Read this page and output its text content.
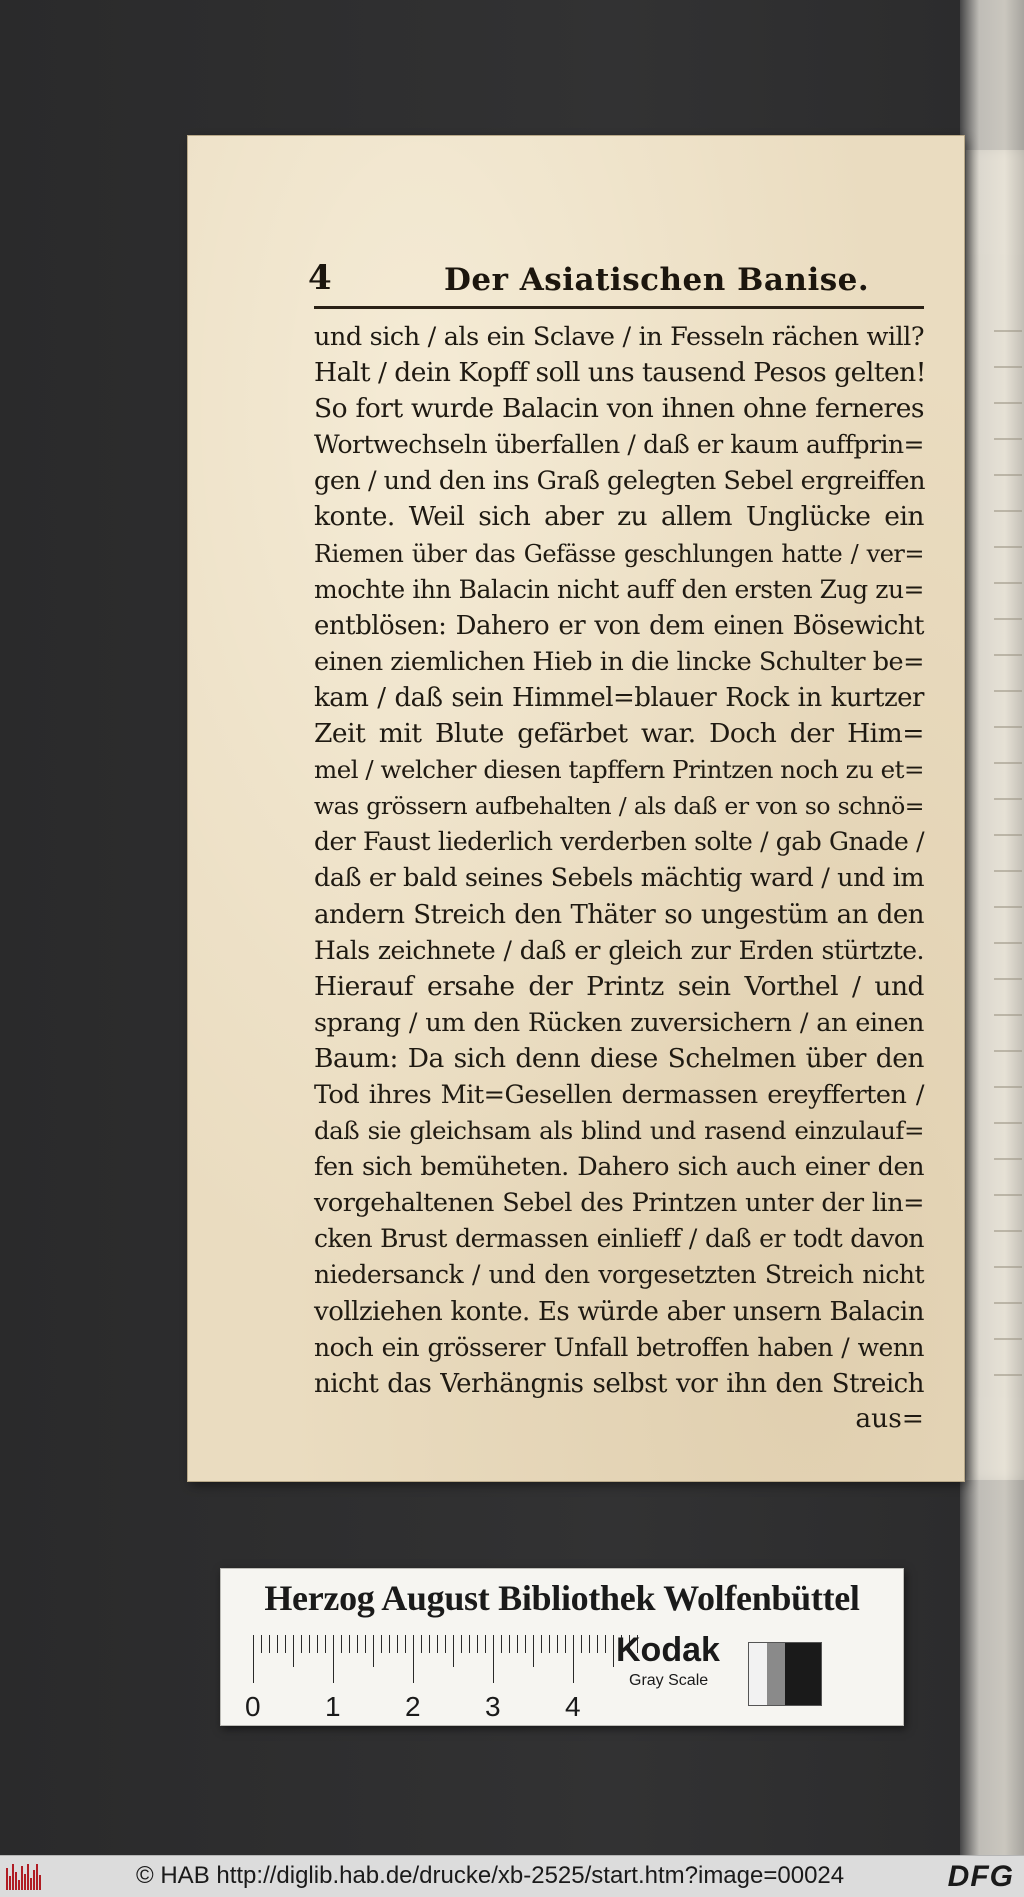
4	Der Asiatischen Banise.
und sich / als ein Sclave / in Fesseln rächen will?
Halt / dein Kopff soll uns tausend Pesos gelten!
So fort wurde Balacin von ihnen ohne ferneres
Wortwechseln überfallen / daß er kaum auffprin=
gen / und den ins Graß gelegten Sebel ergreiffen
konte. Weil sich aber zu allem Unglücke ein
Riemen über das Gefässe geschlungen hatte / ver=
mochte ihn Balacin nicht auff den ersten Zug zu=
entblösen: Dahero er von dem einen Bösewicht
einen ziemlichen Hieb in die lincke Schulter be=
kam / daß sein Himmel=blauer Rock in kurtzer
Zeit mit Blute gefärbet war. Doch der Him=
mel / welcher diesen tapffern Printzen noch zu et=
was grössern aufbehalten / als daß er von so schnö=
der Faust liederlich verderben solte / gab Gnade /
daß er bald seines Sebels mächtig ward / und im
andern Streich den Thäter so ungestüm an den
Hals zeichnete / daß er gleich zur Erden stürtzte.
Hierauf ersahe der Printz sein Vorthel / und
sprang / um den Rücken zuversichern / an einen
Baum: Da sich denn diese Schelmen über den
Tod ihres Mit=Gesellen dermassen ereyfferten /
daß sie gleichsam als blind und rasend einzulauf=
fen sich bemüheten. Dahero sich auch einer den
vorgehaltenen Sebel des Printzen unter der lin=
cken Brust dermassen einlieff / daß er todt davon
niedersanck / und den vorgesetzten Streich nicht
vollziehen konte. Es würde aber unsern Balacin
noch ein grösserer Unfall betroffen haben / wenn
nicht das Verhängnis selbst vor ihn den Streich
aus=
Herzog August Bibliothek Wolfenbüttel
0 1 2 3 4
Kodak
Gray Scale
© HAB http://diglib.hab.de/drucke/xb-2525/start.htm?image=00024	DFG
